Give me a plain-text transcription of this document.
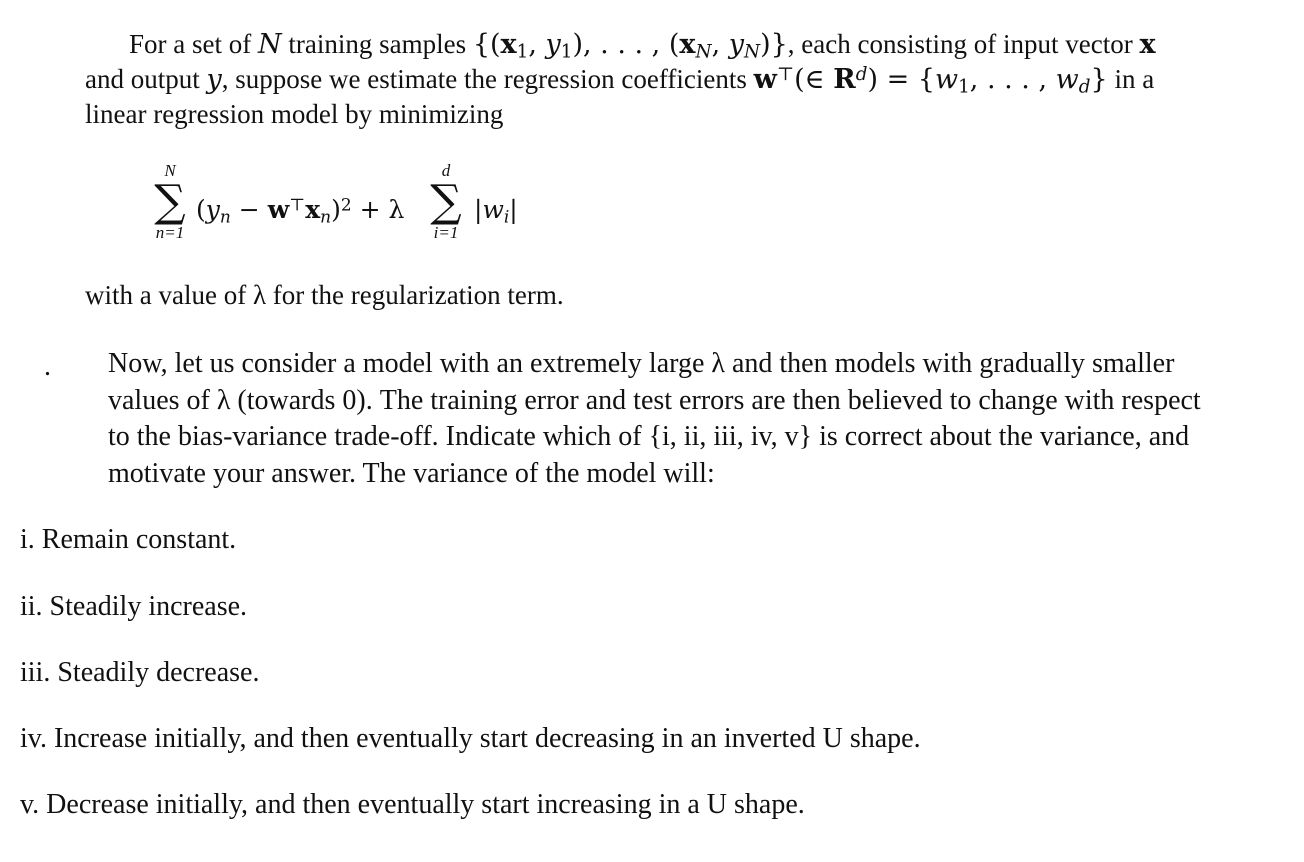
For a set of N training samples {($x_1$, $y_1$), . . . , ($x_N$, $y_N$)}, each consisting of input vector x

and output y, suppose we estimate the regression coefficients w⊤(∈ $R^d) = \{w_1$, . . . , $w_d$} in a

linear regression model by minimizing

N
∑
n=1
$(y_n - w^⊤x_n)^2 + \lambda$
d
∑
i=1
$|w_i|$

with a value of λ for the regularization term.

. Now, let us consider a model with an extremely large λ and then models with gradually smaller values of λ (towards 0). The training error and test errors are then believed to change with respect to the bias-variance trade-off. Indicate which of {i, ii, iii, iv, v} is correct about the variance, and motivate your answer. The variance of the model will:

i. Remain constant.

ii. Steadily increase.

iii. Steadily decrease.

iv. Increase initially, and then eventually start decreasing in an inverted U shape.

v. Decrease initially, and then eventually start increasing in a U shape.
